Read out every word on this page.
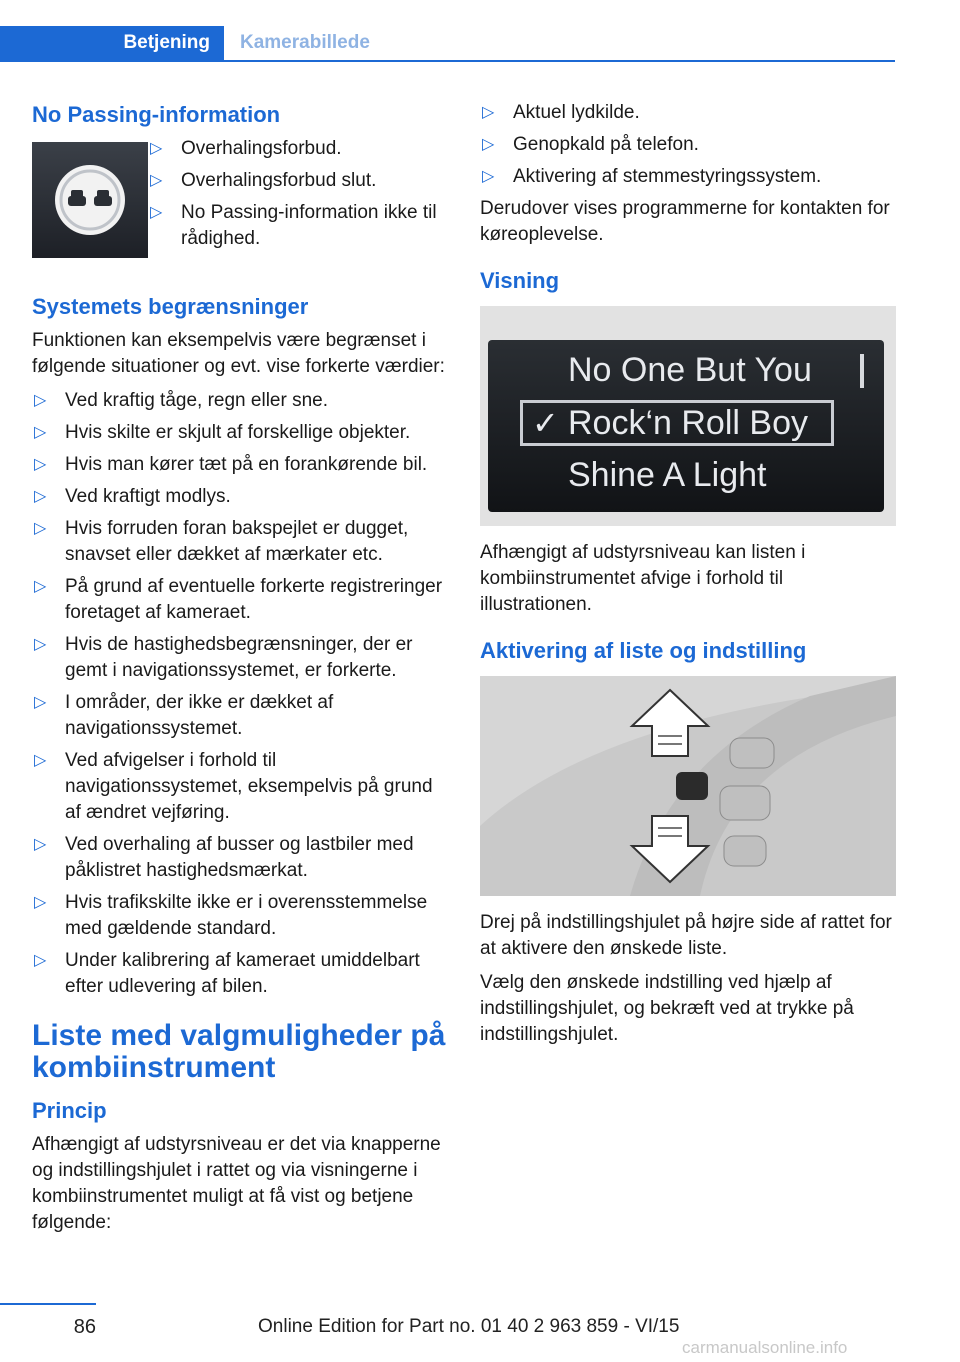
Betjening	Kamerabillede
No Passing-information
▷ Overhalingsforbud.
▷ Overhalingsforbud slut.
▷ No Passing-information ikke til rådighed.
Systemets begrænsninger

Funktionen kan eksempelvis være begrænset i følgende situationer og evt. vise forkerte værdier:

▷ Ved kraftig tåge, regn eller sne.
▷ Hvis skilte er skjult af forskellige objekter.
▷ Hvis man kører tæt på en forankørende bil.
▷ Ved kraftigt modlys.
▷ Hvis forruden foran bakspejlet er dugget, snavset eller dækket af mærkater etc.
▷ På grund af eventuelle forkerte registreringer foretaget af kameraet.
▷ Hvis de hastighedsbegrænsninger, der er gemt i navigationssystemet, er forkerte.
▷ I områder, der ikke er dækket af navigationssystemet.
▷ Ved afvigelser i forhold til navigationssystemet, eksempelvis på grund af ændret vejføring.
▷ Ved overhaling af busser og lastbiler med påklistret hastighedsmærkat.
▷ Hvis trafikskilte ikke er i overensstemmelse med gældende standard.
▷ Under kalibrering af kameraet umiddelbart efter udlevering af bilen.
Liste med valgmuligheder på kombiinstrument
Princip

Afhængigt af udstyrsniveau er det via knapperne og indstillingshjulet i rattet og via visningerne i kombiinstrumentet muligt at få vist og betjene følgende:

▷ Aktuel lydkilde.
▷ Genopkald på telefon.
▷ Aktivering af stemmestyringssystem.

Derudover vises programmerne for kontakten for køreoplevelse.

Visning
No One But You
✓ Rock‘n Roll Boy
Shine A Light

Afhængigt af udstyrsniveau kan listen i kombiinstrumentet afvige i forhold til illustrationen.

Aktivering af liste og indstilling

Drej på indstillingshjulet på højre side af rattet for at aktivere den ønskede liste.

Vælg den ønskede indstilling ved hjælp af indstillingshjulet, og bekræft ved at trykke på indstillingshjulet.

86	Online Edition for Part no. 01 40 2 963 859 - VI/15
carmanualsonline.info
